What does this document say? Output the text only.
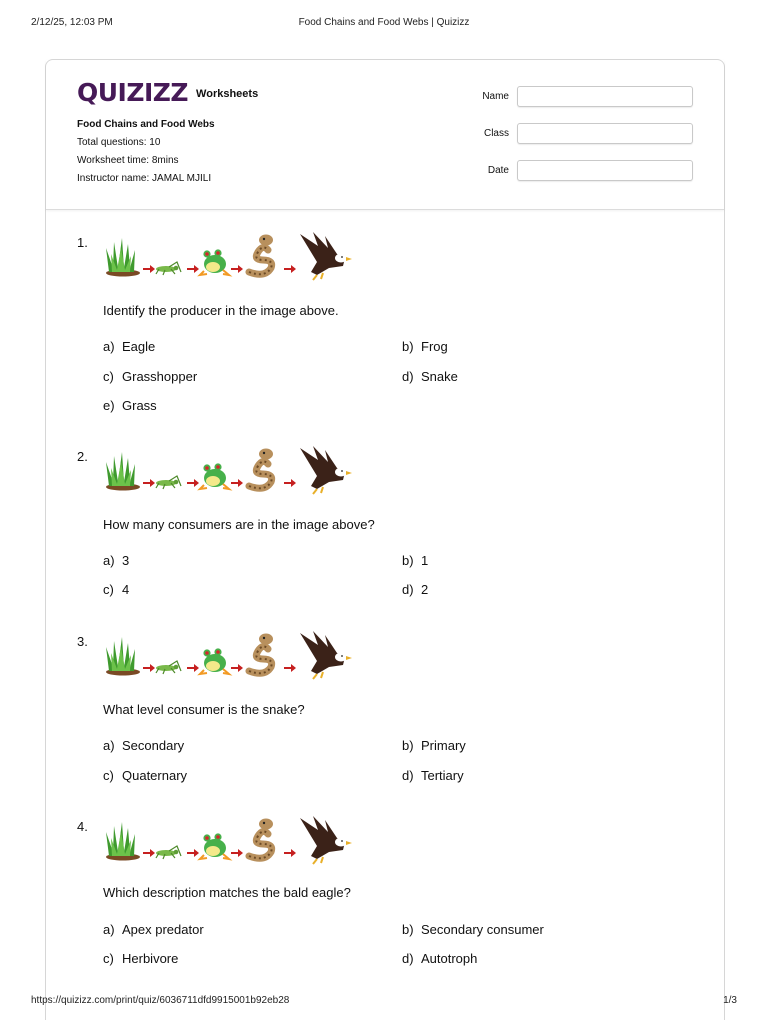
2/12/25, 12:03 PM	Food Chains and Food Webs | Quizizz
QUIZIZZ Worksheets
Food Chains and Food Webs
Total questions: 10
Worksheet time: 8mins
Instructor name: JAMAL MJILI
Name
Class
Date
1.
Identify the producer in the image above.
a) Eagle	b) Frog
c) Grasshopper	d) Snake
e) Grass
2.
How many consumers are in the image above?
a) 3	b) 1
c) 4	d) 2
3.
What level consumer is the snake?
a) Secondary	b) Primary
c) Quaternary	d) Tertiary
4.
Which description matches the bald eagle?
a) Apex predator	b) Secondary consumer
c) Herbivore	d) Autotroph
https://quizizz.com/print/quiz/6036711dfd9915001b92eb28	1/3
